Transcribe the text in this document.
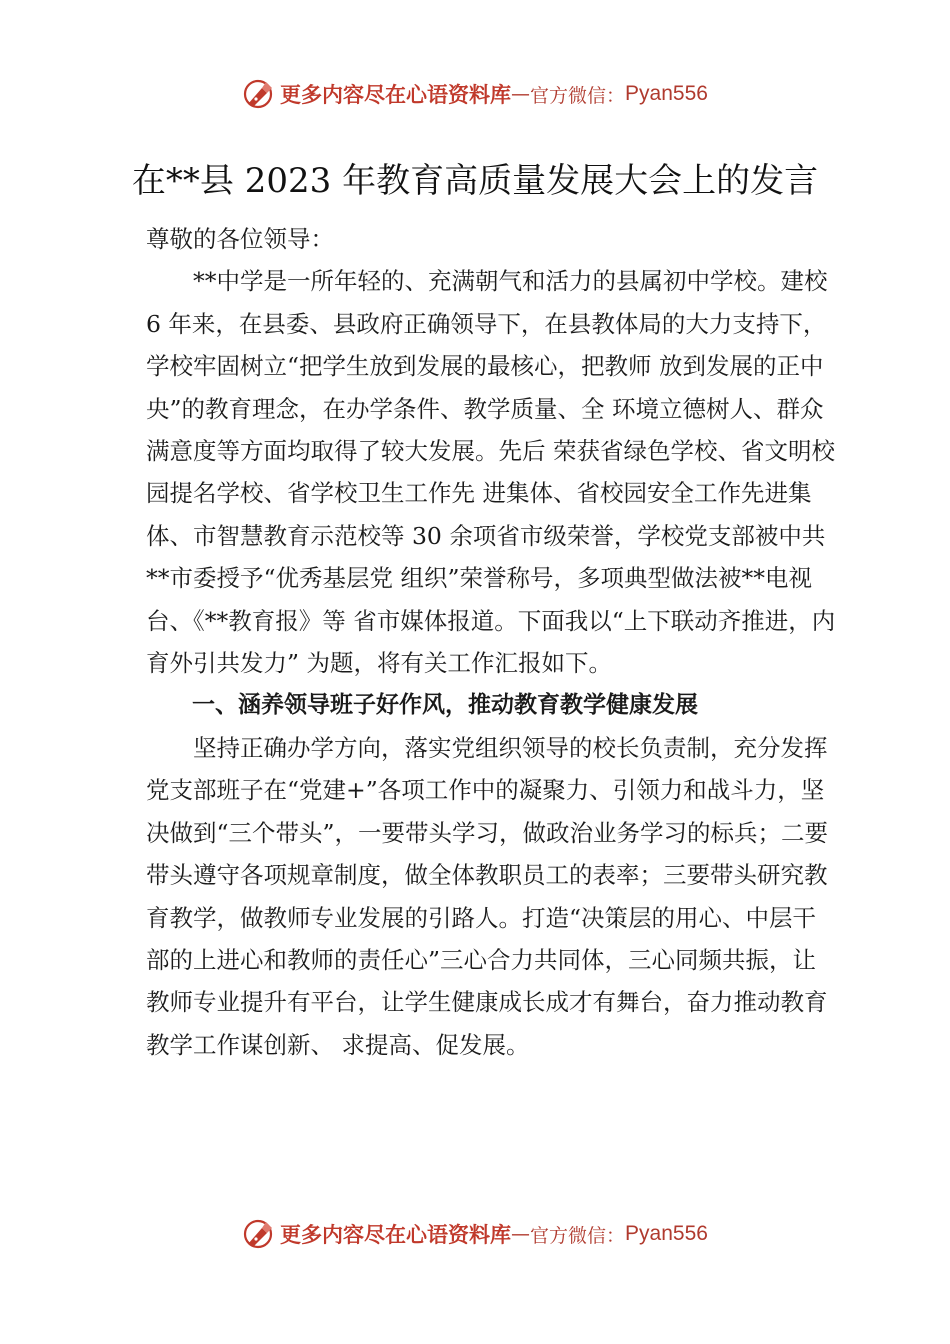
更多内容尽在心语资料库 — 官方微信： Pyan556
在**县 2023 年教育高质量发展大会上的发言

尊敬的各位领导：

**中学是一所年轻的、充满朝气和活力的县属初中学校。建校 6 年来，在县委、县政府正确领导下，在县教体局的大力支持下，学校牢固树立“把学生放到发展的最核心，把教师 放到发展的正中央”的教育理念，在办学条件、教学质量、全 环境立德树人、群众满意度等方面均取得了较大发展。先后 荣获省绿色学校、省文明校园提名学校、省学校卫生工作先 进集体、省校园安全工作先进集体、市智慧教育示范校等 30 余项省市级荣誉，学校党支部被中共**市委授予“优秀基层党 组织”荣誉称号，多项典型做法被**电视台、《**教育报》等 省市媒体报道。下面我以“上下联动齐推进，内育外引共发力” 为题，将有关工作汇报如下。

一、涵养领导班子好作风，推动教育教学健康发展

坚持正确办学方向，落实党组织领导的校长负责制，充分发挥党支部班子在“党建+”各项工作中的凝聚力、引领力和战斗力，坚决做到“三个带头”，一要带头学习，做政治业务学习的标兵；二要带头遵守各项规章制度，做全体教职员工的表率；三要带头研究教育教学，做教师专业发展的引路人。打造“决策层的用心、中层干部的上进心和教师的责任心”三心合力共同体，三心同频共振，让教师专业提升有平台，让学生健康成长成才有舞台，奋力推动教育教学工作谋创新、 求提高、促发展。

更多内容尽在心语资料库 — 官方微信： Pyan556
